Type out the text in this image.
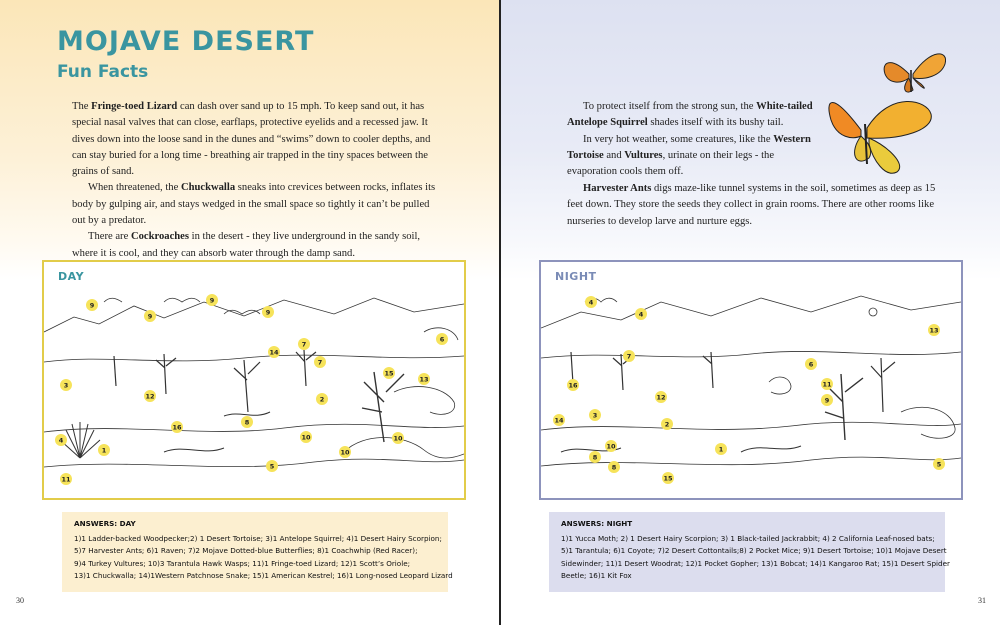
MOJAVE DESERT
Fun Facts

The Fringe-toed Lizard can dash over sand up to 15 mph. To keep sand out, it has special nasal valves that can close, earflaps, protective eyelids and a recessed jaw. It dives down into the loose sand in the dunes and “swims” down to cooler depths, and can stay buried for a long time - breathing air trapped in the tiny spaces between the grains of sand.

When threatened, the Chuckwalla sneaks into crevices between rocks, inflates its body by gulping air, and stays wedged in the small space so tightly it can’t be pulled out by a predator.

There are Cockroaches in the desert - they live underground in the sandy soil, where it is cool, and they can absorb water through the damp sand.

9
9
9
9
7
7
6
14
3
12	2
15
13
16
8
4
1
11
10
10
10
5
DAY
ANSWERS: DAY
1)1 Ladder-backed Woodpecker;2) 1 Desert Tortoise; 3)1 Antelope Squirrel; 4)1 Desert Hairy Scorpion;
5)7 Harvester Ants; 6)1 Raven; 7)2 Mojave Dotted-blue Butterflies; 8)1 Coachwhip (Red Racer);
9)4 Turkey Vultures; 10)3 Tarantula Hawk Wasps; 11)1 Fringe-toed Lizard; 12)1 Scott’s Oriole;
13)1 Chuckwalla; 14)1Western Patchnose Snake; 15)1 American Kestrel; 16)1 Long-nosed Leopard Lizard
30

To protect itself from the strong sun, the White-tailed Antelope Squirrel shades itself with its bushy tail.

In very hot weather, some creatures, like the Western Tortoise and Vultures, urinate on their legs - the evaporation cools them off.

Harvester Ants digs maze-like tunnel systems in the soil, sometimes as deep as 15 feet down. They store the seeds they collect in grain rooms. There are other rooms like nurseries to develop larve and nurture eggs.

4
4
7
6
13
11
16
12	9
14
3
2
1
8
8
10
5
15
NIGHT
ANSWERS: NIGHT
1)1 Yucca Moth; 2) 1 Desert Hairy Scorpion; 3) 1 Black-tailed Jackrabbit; 4) 2 California Leaf-nosed bats;
5)1 Tarantula; 6)1 Coyote; 7)2 Desert Cottontails;8) 2 Pocket Mice; 9)1 Desert Tortoise; 10)1 Mojave Desert
Sidewinder; 11)1 Desert Woodrat; 12)1 Pocket Gopher; 13)1 Bobcat; 14)1 Kangaroo Rat; 15)1 Desert Spider
Beetle; 16)1 Kit Fox
31
